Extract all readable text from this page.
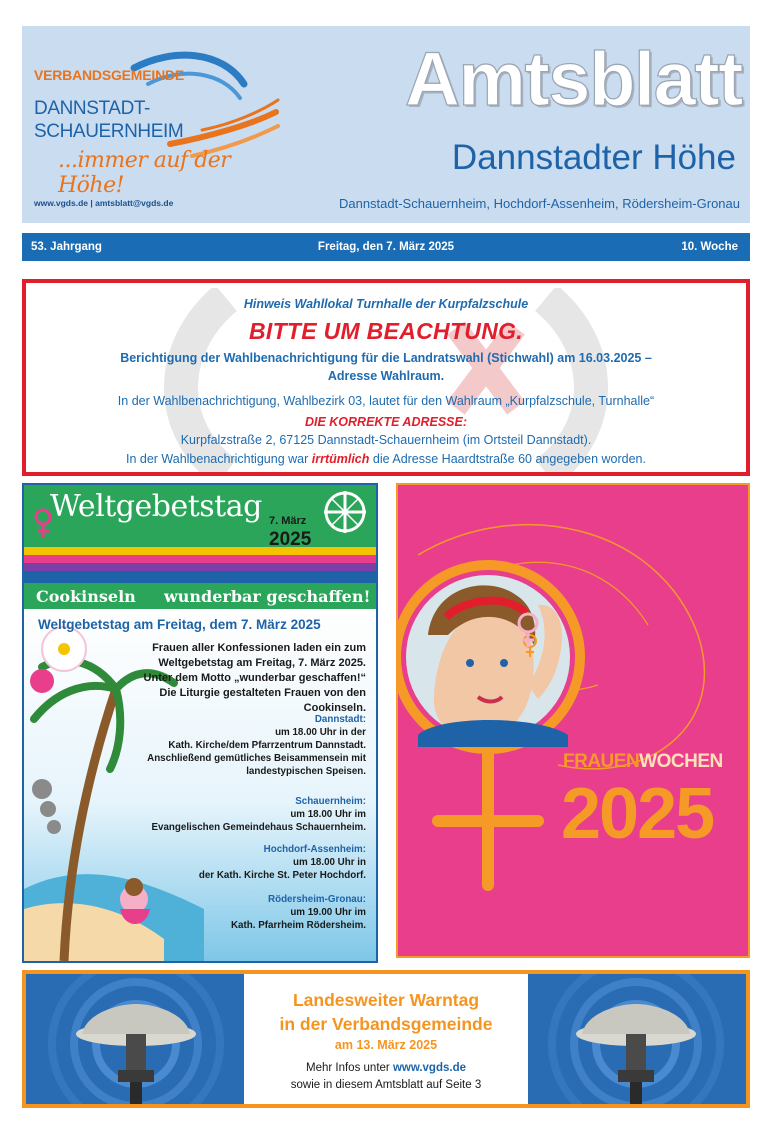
VERBANDSGEMEINDE
DANNSTADT-
SCHAUERNHEIM
...immer auf der Höhe!
www.vgds.de | amtsblatt@vgds.de
Amtsblatt
Dannstadter Höhe
Dannstadt-Schauernheim, Hochdorf-Assenheim, Rödersheim-Gronau
53. Jahrgang	Freitag, den 7. März 2025	10. Woche

Hinweis Wahllokal Turnhalle der Kurpfalzschule

BITTE UM BEACHTUNG.

Berichtigung der Wahlbenachrichtigung für die Landratswahl (Stichwahl) am 16.03.2025 –
Adresse Wahlraum.

In der Wahlbenachrichtigung, Wahlbezirk 03, lautet für den Wahlraum „Kurpfalzschule, Turnhalle“

DIE KORREKTE ADRESSE:

Kurpfalzstraße 2, 67125 Dannstadt-Schauernheim (im Ortsteil Dannstadt).

In der Wahlbenachrichtigung war irrtümlich die Adresse Haardtstraße 60 angegeben worden.

Weltgebetstag 7. März
2025
Cookinseln wunderbar geschaffen!
Weltgebetstag am Freitag, dem 7. März 2025
Frauen aller Konfessionen laden ein zum
Weltgebetstag am Freitag, 7. März 2025.
Unter dem Motto „wunderbar geschaffen!“
Die Liturgie gestalteten Frauen von den Cookinseln.
Dannstadt:
um 18.00 Uhr in der
Kath. Kirche/dem Pfarrzentrum Dannstadt.
Anschließend gemütliches Beisammensein mit
landestypischen Speisen.
Schauernheim:
um 18.00 Uhr im
Evangelischen Gemeindehaus Schauernheim.
Hochdorf-Assenheim:
um 18.00 Uhr in
der Kath. Kirche St. Peter Hochdorf.
Rödersheim-Gronau:
um 19.00 Uhr im
Kath. Pfarrheim Rödersheim.
FRAUENWOCHEN
2025
Landesweiter Warntag
in der Verbandsgemeinde
am 13. März 2025
Mehr Infos unter www.vgds.de
sowie in diesem Amtsblatt auf Seite 3
